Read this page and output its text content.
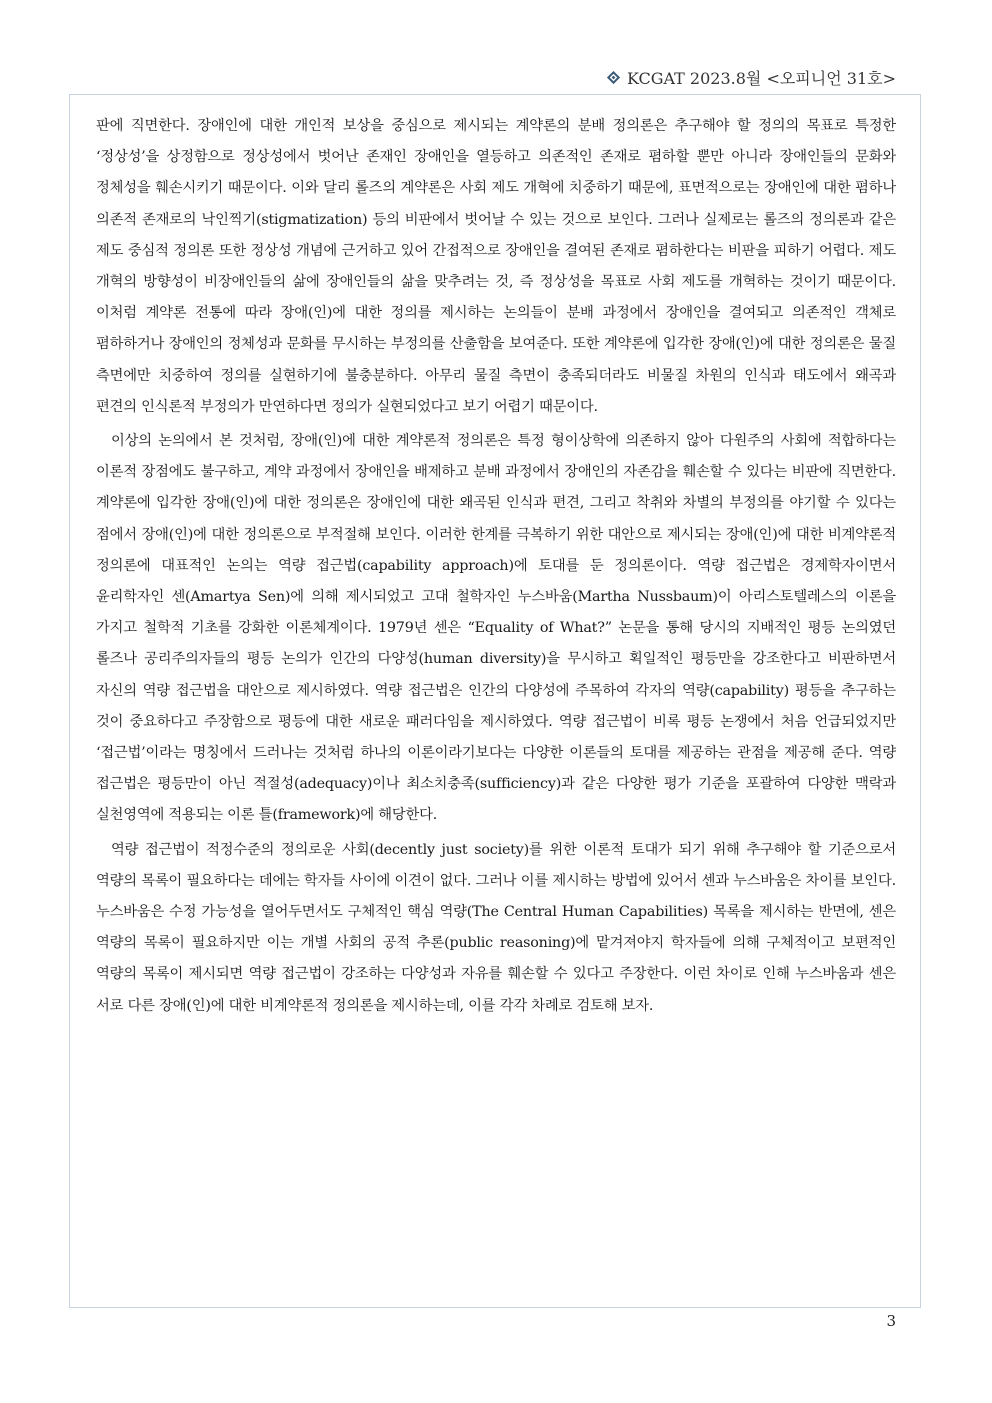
KCGAT 2023.8월 <오피니언 31호>

판에 직면한다. 장애인에 대한 개인적 보상을 중심으로 제시되는 계약론의 분배 정의론은 추구해야 할 정의의 목표로 특정한 ‘정상성’을 상정함으로 정상성에서 벗어난 존재인 장애인을 열등하고 의존적인 존재로 폄하할 뿐만 아니라 장애인들의 문화와 정체성을 훼손시키기 때문이다. 이와 달리 롤즈의 계약론은 사회 제도 개혁에 치중하기 때문에, 표면적으로는 장애인에 대한 폄하나 의존적 존재로의 낙인찍기(stigmatization) 등의 비판에서 벗어날 수 있는 것으로 보인다. 그러나 실제로는 롤즈의 정의론과 같은 제도 중심적 정의론 또한 정상성 개념에 근거하고 있어 간접적으로 장애인을 결여된 존재로 폄하한다는 비판을 피하기 어렵다. 제도 개혁의 방향성이 비장애인들의 삶에 장애인들의 삶을 맞추려는 것, 즉 정상성을 목표로 사회 제도를 개혁하는 것이기 때문이다. 이처럼 계약론 전통에 따라 장애(인)에 대한 정의를 제시하는 논의들이 분배 과정에서 장애인을 결여되고 의존적인 객체로 폄하하거나 장애인의 정체성과 문화를 무시하는 부정의를 산출함을 보여준다. 또한 계약론에 입각한 장애(인)에 대한 정의론은 물질 측면에만 치중하여 정의를 실현하기에 불충분하다. 아무리 물질 측면이 충족되더라도 비물질 차원의 인식과 태도에서 왜곡과 편견의 인식론적 부정의가 만연하다면 정의가 실현되었다고 보기 어렵기 때문이다.

이상의 논의에서 본 것처럼, 장애(인)에 대한 계약론적 정의론은 특정 형이상학에 의존하지 않아 다원주의 사회에 적합하다는 이론적 장점에도 불구하고, 계약 과정에서 장애인을 배제하고 분배 과정에서 장애인의 자존감을 훼손할 수 있다는 비판에 직면한다. 계약론에 입각한 장애(인)에 대한 정의론은 장애인에 대한 왜곡된 인식과 편견, 그리고 착취와 차별의 부정의를 야기할 수 있다는 점에서 장애(인)에 대한 정의론으로 부적절해 보인다. 이러한 한계를 극복하기 위한 대안으로 제시되는 장애(인)에 대한 비계약론적 정의론에 대표적인 논의는 역량 접근법(capability approach)에 토대를 둔 정의론이다. 역량 접근법은 경제학자이면서 윤리학자인 센(Amartya Sen)에 의해 제시되었고 고대 철학자인 누스바움(Martha Nussbaum)이 아리스토텔레스의 이론을 가지고 철학적 기초를 강화한 이론체계이다. 1979년 센은 “Equality of What?” 논문을 통해 당시의 지배적인 평등 논의였던 롤즈나 공리주의자들의 평등 논의가 인간의 다양성(human diversity)을 무시하고 획일적인 평등만을 강조한다고 비판하면서 자신의 역량 접근법을 대안으로 제시하였다. 역량 접근법은 인간의 다양성에 주목하여 각자의 역량(capability) 평등을 추구하는 것이 중요하다고 주장함으로 평등에 대한 새로운 패러다임을 제시하였다. 역량 접근법이 비록 평등 논쟁에서 처음 언급되었지만 ‘접근법’이라는 명칭에서 드러나는 것처럼 하나의 이론이라기보다는 다양한 이론들의 토대를 제공하는 관점을 제공해 준다. 역량 접근법은 평등만이 아닌 적절성(adequacy)이나 최소치충족(sufficiency)과 같은 다양한 평가 기준을 포괄하여 다양한 맥락과 실천영역에 적용되는 이론 틀(framework)에 해당한다.

역량 접근법이 적정수준의 정의로운 사회(decently just society)를 위한 이론적 토대가 되기 위해 추구해야 할 기준으로서 역량의 목록이 필요하다는 데에는 학자들 사이에 이견이 없다. 그러나 이를 제시하는 방법에 있어서 센과 누스바움은 차이를 보인다. 누스바움은 수정 가능성을 열어두면서도 구체적인 핵심 역량(The Central Human Capabilities) 목록을 제시하는 반면에, 센은 역량의 목록이 필요하지만 이는 개별 사회의 공적 추론(public reasoning)에 맡겨져야지 학자들에 의해 구체적이고 보편적인 역량의 목록이 제시되면 역량 접근법이 강조하는 다양성과 자유를 훼손할 수 있다고 주장한다. 이런 차이로 인해 누스바움과 센은 서로 다른 장애(인)에 대한 비계약론적 정의론을 제시하는데, 이를 각각 차례로 검토해 보자.

3
